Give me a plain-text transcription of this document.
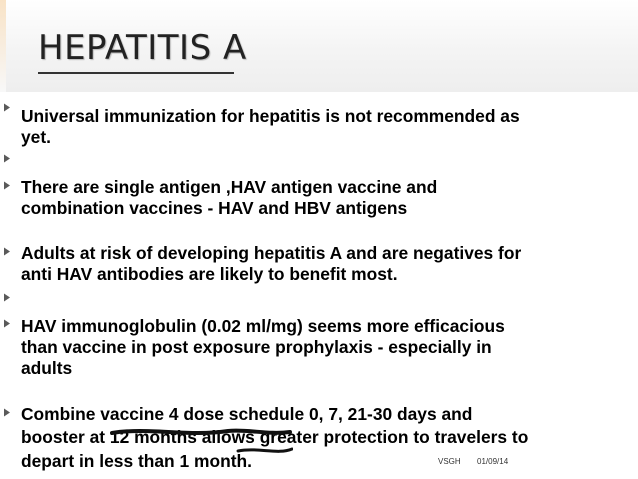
HEPATITIS A
Universal immunization for hepatitis is not recommended as
yet.
There are single antigen ,HAV antigen vaccine and
combination vaccines - HAV and HBV antigens
Adults at risk of developing hepatitis A and are negatives for
anti HAV antibodies are likely to benefit most.
HAV immunoglobulin (0.02 ml/mg) seems more efficacious
than vaccine in post exposure prophylaxis - especially in
adults
Combine vaccine 4 dose schedule 0, 7, 21-30 days and
booster at 12 months allows greater protection to travelers to
depart in less than 1 month.	VSGH 01/09/14
